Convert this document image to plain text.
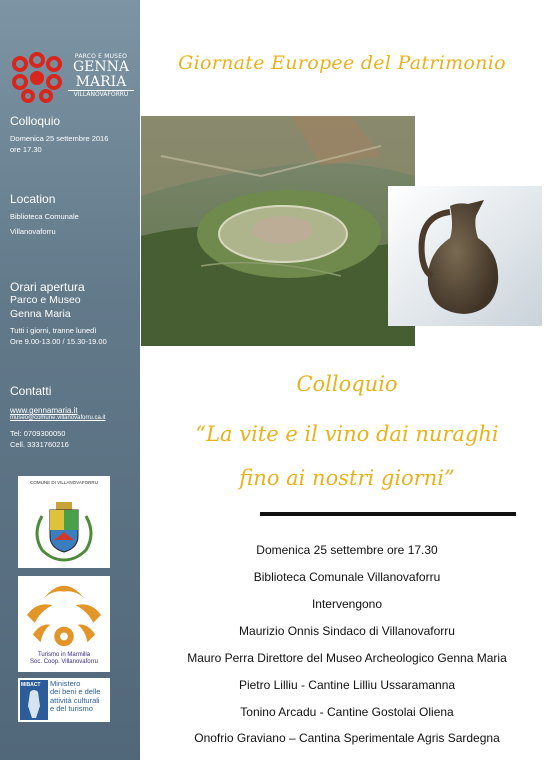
PARCO E MUSEO
GENNA
MARIA
VILLANOVAFORRU
Colloquio
Domenica 25 settembre 2016
ore 17.30
Location
Biblioteca Comunale
Villanovaforru
Orari apertura
Parco e Museo
Genna Maria
Tutti i giorni, tranne lunedì
Ore 9.00-13.00 / 15.30-19.00
Contatti
www.gennamaria.it
museo@comune.villanovaforru.ca.it
Tel: 0709300050
Cell. 3331760216
COMUNE DI VILLANOVAFORRU
Turismo in Marmilla
Soc. Coop. Villanovaforru
MiBACT Ministero
dei beni e delle
attività culturali
e del turismo
Giornate Europee del Patrimonio
Colloquio
“La vite e il vino dai nuraghi
fino ai nostri giorni”
Domenica 25 settembre ore 17.30
Biblioteca Comunale Villanovaforru
Intervengono
Maurizio Onnis Sindaco di Villanovaforru
Mauro Perra Direttore del Museo Archeologico Genna Maria
Pietro Lilliu - Cantine Lilliu Ussaramanna
Tonino Arcadu - Cantine Gostolai Oliena
Onofrio Graviano – Cantina Sperimentale Agris Sardegna
